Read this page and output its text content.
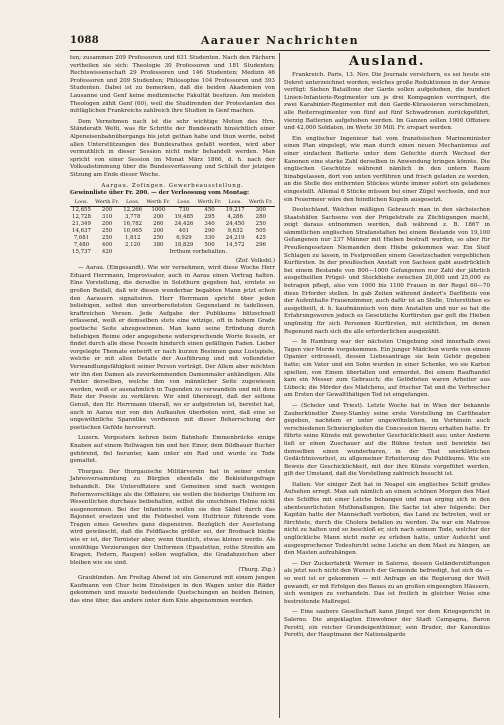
1088	Aarauer Nachrichten

ten; zusammen 209 Professoren und 631 Studenten. Nach den Fächern vertheilen sie sich: Theologie 30 Professoren und 181 Studenten; Rechtswissenschaft 29 Professoren und 146 Studenten; Medizin 46 Professoren und 209 Studenten; Philosophie 104 Professoren und 393 Studenten. Dabei ist zu bemerken, daß die beiden Akademien von Lausanne und Genf keine medizinische Fakultät besitzen. Am meisten Theologen zählt Genf (60), weil die Studirenden der Protestanten des mittäglichen Frankreichs zahlreich ihre Studien in Genf machen.

Dem Vernehmen nach ist die sehr wichtige Motion des Hrn. Ständerath Welti, was für Schritte der Bundesrath hinsichtlich einer Alpeneisenbahnübergangs bis jetzt gethan habe und thun werde, nebst allen Unterstützungen des Bundesrathes gefaßt worden, wird aber vermuthlich in dieser Session nicht mehr behandelt werden. Man spricht von einer Session im Monat März 1866, d. h. nach der Volksabstimmung über die Bundesverfassung und Schluß der jetzigen Sitzung am Ende dieser Woche.

Aargau. Zofingen. Gewerbeausstellung.

Gewinnliste über Fr. 200. — der Verloosung vom Montag:

Loos.	Werth Fr.	Loos.	Werth Fr.	Loos.	Werth Fr.	Loos.	Werth Fr.
12,655	200	12,266	1000	730	450	19,217	300
12,728	310	3,778	200	19,485	295	4,286	280
21,349	200	16,782	260	24,426	340	24,450	250
14,637	250	10,065	200	401	290	9,632	505
7,681	250	1,812	250	6,929	330	24,219	425
7,480	400	2,120	380	18,829	500	14,572	296
15,737	420	Irrthum vorbehalten.					

(Zof. Volksbl.)

— Aarau. (Eingesandt). Wie wir vernehmen, wird diese Woche Herr Eduard Herrmann, Improvisator, auch in Aarau einen Vortrag halten. Eine Vorstellung, die derselbe in Solothurn gegeben hat, erntete so großen Beifall, daß wir diesen wunderbar begabten Mann jetzt schon den Aarauern signalisiren. Herr Herrmann spricht über jeden beliebigen, selbst den unvorbereitetsten Gegenstand in tadellosen, kraftreichen Versen. Jede Aufgabe der Publikums blitzschnell erfassend, weiß er demselben stets eine witzige, oft in hohem Grade poetische Seite abzugewinnen. Man kann seine Erfindung durch beliebigen Reime oder angegebene widersprechende Worte fesseln, er findet durch alle diese Fesseln hindurch einen gefälligen Faden. Lieber vorgelegte Themate entwirft er nach kurzen Besinnen ganz Lustspiele, welche er mit allen Details der Ausführung und mit vollendeter Verwandlungsfähigkeit seiner Person vorträgt. Der Allem aber möchten wir ihn den Damen als zuvorkommenden Damenmaler anhändigen. Alle Fehler derselben, welche ihm von männlicher Seite zugewiesen werden, weiß er ausnahmlich in Tugenden zu verwandeln und mit dem Reiz der Poesie zu verklären. Wir sind überzeugt, daß der seltene Genuß, den Hr. Herrmann überall, wo er aufgetreten ist, bereitet hat, auch in Aarau nur von den Aufkaufen überboten wird, daß eine so ungewöhnliche Spannlike verdienen mit dieser Beherrschung der poetischen Gefilde hervorruft.

Luzern. Vorgestern kehren beim Bahnhofe Emmenbrücke einige Knaben auf einem Rollwagen hin und her. Einer, dem Bildhauer Bucher gehörend, fiel herunter, kam unter ein Rad und wurde zu Tode gemaltet.

Thurgau. Der thurgauische Militärverein hat in seiner ersten Jahresversammlung zu Bürglen ebenfalls die Bekleidungsfrage behandelt. Die Unteroffiziere und Gemeinen sind nach wenigen Reformvorschläge als die Offiziere; sie wollen die bisherige Uniform im Wesentlichen durchaus beibehalten, selbst die unschönen Helme nicht ausgenommen. Bei der Infanterie wollen sie den Säbel durch das Bajonnet ersetzen und die Feldwebel vom Huttrieur führende vom Tragen eines Gewehrs ganz dispensiren. Bezüglich der Ausrüstung wird gewünscht, daß die Feldflasche größer sei, der Brodsack bleibe wie er ist, der Tornister aber, wenn thunlich, etwas kleiner werde. Als unnöthige Verzierungen der Uniformen (Epauletten, rothe Streifen am Kragen, Federn, Raupen) sollen wegfallen, die Gradabzeichen aber bleiben wie sie sind.

(Thurg. Ztg.)

Graubünden. Am Freitag Abend ist ein Gonerund mit einem jungen Kaufmann von Chur beim Einsteigen in den Wagen unter die Räder gekommen und musste bedeutende Quetschungen an beiden Beinen, das eine über, das andere unter dem Knie abgenommen werden.

Ausland.

Frankreich. Paris, 13. Nov. Die Journale versichern, es sei heute ein Dekret unterzeichnet worden, welches große Reduktionen in der Armee verfügt: Sieben Bataillone der Garde sollen aufgehoben, die hundert Linien-Infanterie-Regimenter um je drei Kompagnien verringert, die zwei Karabinier-Regimenter mit den Garde-Kürassieren verschmolzen, alle Reiterregimenter von fünf auf fünf Schwadronen zurückgeführt, vierzig Batterien aufgehoben werden. Im Ganzen sollen 1900 Offiziere und 42,000 Soldaten, im Werte 30 Mill. Fr. erspart werden.

Ein englischer Ingenieur hat vom französischen Marineminister einen Plan eingelegt, wie man durch einen neuen Mechanismus auf einer einfachen Batterie unter dem Gefechte durch Wechsel der Kanonen eine starke Zahl derselben in Anwendung bringen könnte. Die englischen Geschütze während nämlich in den untern Raum hinabgelassen, dort von unten verführen und frisch geladen zu werden, an die Stelle des entfernten Stückes würde immer sofort ein geladenes eingestellt. Allemal 6 Stücke müssen bei einer Zügel wechseln, und nur ein Feuermeer wäre den feindlichen Kugeln ausgesetzt.

Deutschland. Welchen mäßigen Gebrauch man in den sächsischen Staatshäfen Sachsens von der Prügelstrafe zu Züchtigungen macht, zeigt daraus entnommen werden, daß während z. B. 1867 in sämmtlichen englischen Strafanstalten bei einem Bestande von 19,100 Gefangenen nur 237 Männer mit Hieben bestraft wurden, so aber für Preußengesetzen Niemanden dem Hiebe gekommen war. Ein Steif Schlagen zu lassen, in Festpreußen einem Gesetzschaden vergeblichen Kurfürsten. In der preußischen Anstalt von Sachsen gabt ausdrücklich bei einem Bestande von 800—1000 Gefangenen nur Zahl der jährlich ausgetheilten Prügel- und Stockhiebe zwischen 20,000 und 25,000 zu betragen pflegt, also von 1000 bis 1100 Frauen in der Regel 60—70 diese Erforder stellen. In gab Zeiten während ändert's Darltheils von der Aufenthalte Frauenzimmer, auch dafür ist an Stelle, Unterstühen es ausgetheilt, d. h. kaufmännisch von dem Anstalten und nur so hat die Erfahrungsworen jedoch es Gesetzliche Kurfürsten gar gelt die Hieben ungünstig für sich Personen Kurfürsten, mit sichtlichen, im denen Regenund nach sich die alle erforderlichen ausgezählt.

— In Hamburg war der nächsten Umgebung sind innerhalb zwei Tagen vier Morde vorgekommen. Ein junger Mädchen wurde von einem Opanier erdrosselt, dessen Liebesantrage sie kein Gehör gegeben hatte; ein Vater und ein Sohn wurden in einer Schenke, wo sie Karten spielten, von Einem überfallen und ermordet. Bei einem Raufhandel kam ein Messer zum Gebrauch; die Getödteten waren Arbeiter aus Lübeck; die Mörder des Mädchens, auf frischer Tat und die Verbrecher am Ersten der Gewaltthätigen Tod ist eingefangen.

— (Scheler und Triest). Letzte Woche hat in Wien der bekannte Zauberkünstler Zwey-Stanley seine erste Vorstellung im Carltheater gegeben, nachdem er unter ungewöhnlichen, im Vorhinein auch verschiedenen Schwierigkeiten die Concession hierzu erhalten hatte. Er führte seine Künste mit gewohnter Geschicklichkeit aus; unter Anderm ließ er einen Zuschauer auf die Bühne treten und bewirkte bei demselben einen wunderbaren, in der That unerklärlichen Gedächtnisverlust, zu allgemeiner Erheiterung des Publikums. Wie ein Beweis der Geschicklichkeit, mit der ihre Künste vorgeführt werden, gilt der Umstand, daß die Vorstellung zahlreich besucht ist.

Italien. Vor einiger Zeit hat in Neapel ein englisches Schiff großes Aufsehen erregt. Man sah nämlich an einem schönen Morgen den Mast des Schiffes mit einer Leiche behangen und man erging sich in den abenteuerlichsten Muthmaßungen. Die Sache ist aber folgende: Der Kapitän hatte der Mannschaft verboten, das Land zu betreten, weil er fürchtete, durch die Cholera befallen zu werden. Da war ein Matrose nicht zu halten und so beschloß er, sich nach seinem Tode, welcher der unglückliche Mann nicht mehr zu erleben hatte, unter Aufsicht und ausgesprochener Todesfurcht seine Leiche an dem Mast zu hängen, an den Masten aufzuhängen.

— Der Zuckerfabrik Werner in Salerno, dessen Geländerstiftungen als jetzt noch nicht den Wunsch der Gemeinde befriedigt, hat sich da — so weit ist er gekommen — mit Anfrage an die Regierung der Welt gewandt, er mit Erfolgen des Baues zu an großen eingeengten Häusern, sich wenigen zu verhandeln. Das ist freilich in gleicher Weise eine bestreitende Maßregel.

— Eine saubere Gesellschaft kann jüngst vor dem Kriegsgericht in Salerno. Die angeklagten Einwohner der Stadt Campagna, Baron Perotti, ein reicher Grundeigenthümer, sein Bruder, der Kanonikus Perotti, der Hauptmann der Nationalgarde
